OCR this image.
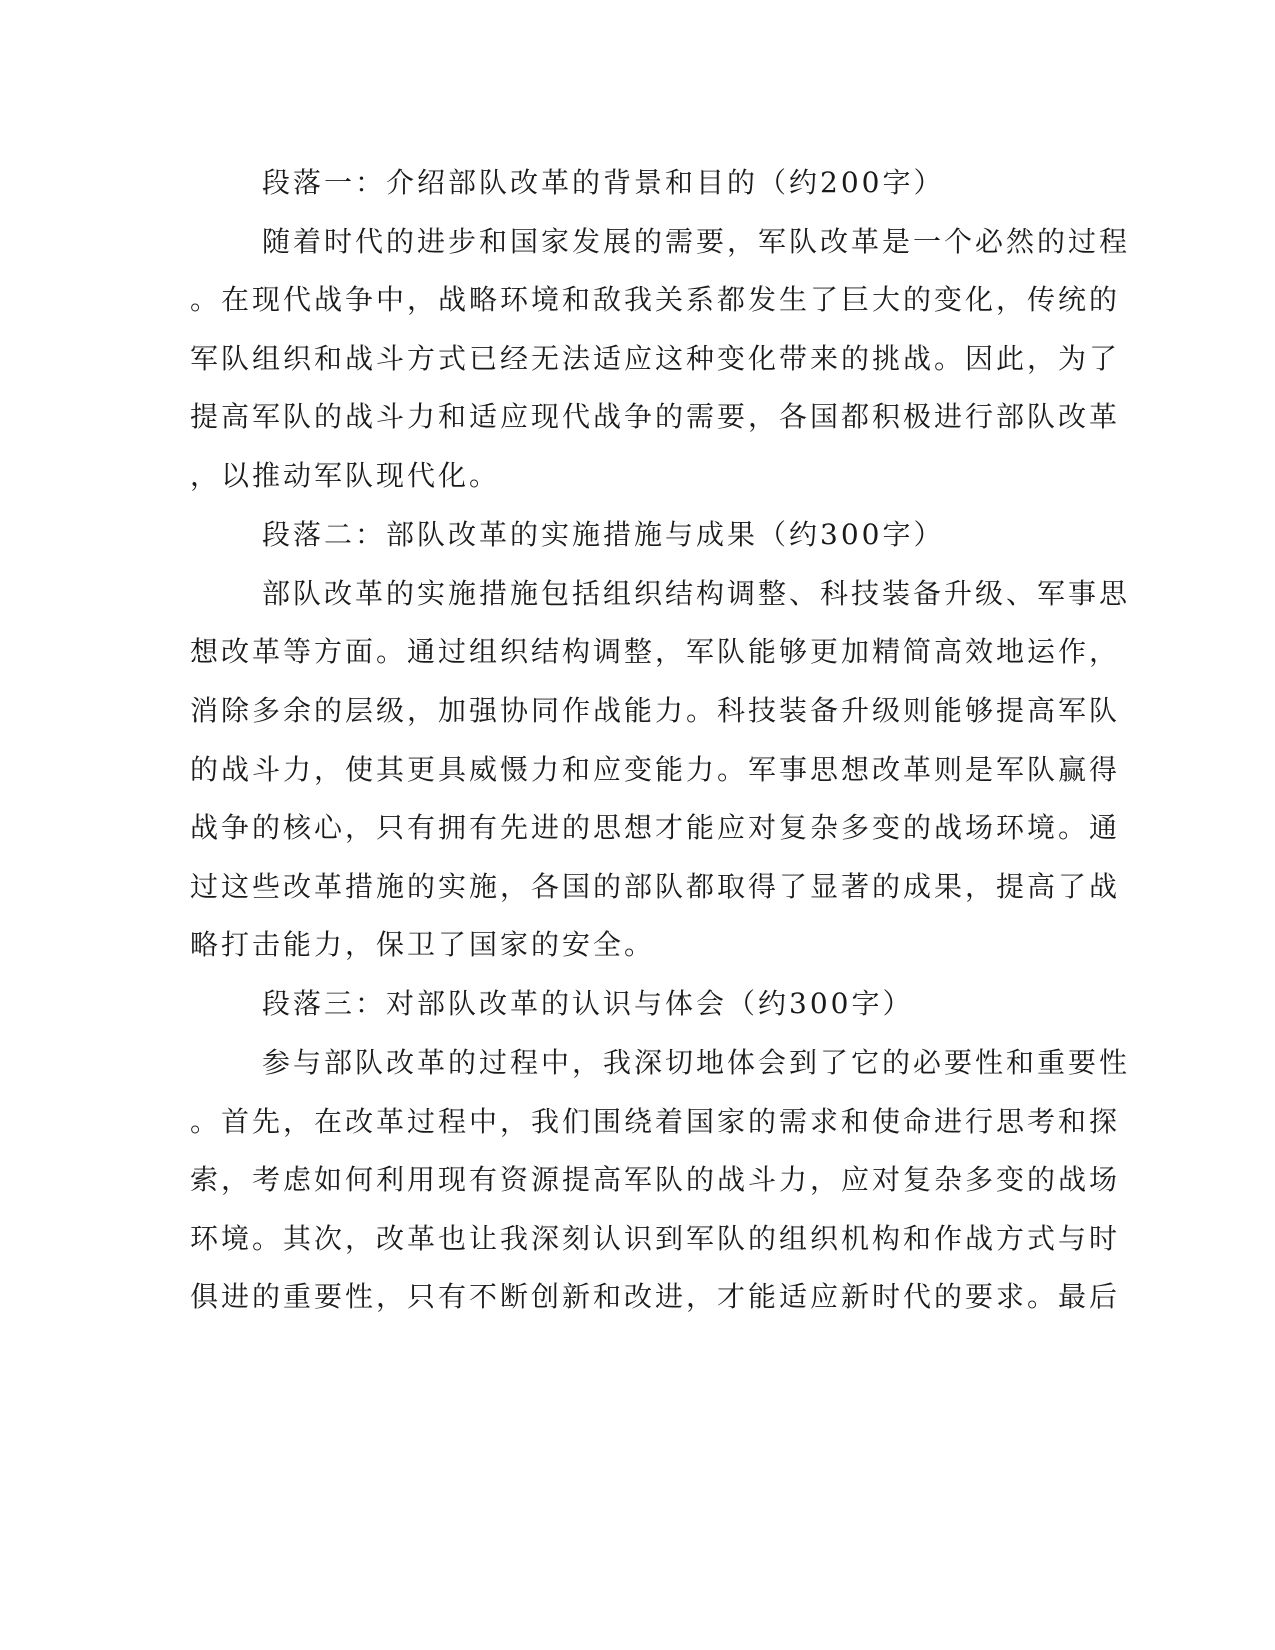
段落一：介绍部队改革的背景和目的（约200字）
随着时代的进步和国家发展的需要，军队改革是一个必然的过程
。在现代战争中，战略环境和敌我关系都发生了巨大的变化，传统的
军队组织和战斗方式已经无法适应这种变化带来的挑战。因此，为了
提高军队的战斗力和适应现代战争的需要，各国都积极进行部队改革
，以推动军队现代化。
段落二：部队改革的实施措施与成果（约300字）
部队改革的实施措施包括组织结构调整、科技装备升级、军事思
想改革等方面。通过组织结构调整，军队能够更加精简高效地运作，
消除多余的层级，加强协同作战能力。科技装备升级则能够提高军队
的战斗力，使其更具威慑力和应变能力。军事思想改革则是军队赢得
战争的核心，只有拥有先进的思想才能应对复杂多变的战场环境。通
过这些改革措施的实施，各国的部队都取得了显著的成果，提高了战
略打击能力，保卫了国家的安全。
段落三：对部队改革的认识与体会（约300字）
参与部队改革的过程中，我深切地体会到了它的必要性和重要性
。首先，在改革过程中，我们围绕着国家的需求和使命进行思考和探
索，考虑如何利用现有资源提高军队的战斗力，应对复杂多变的战场
环境。其次，改革也让我深刻认识到军队的组织机构和作战方式与时
俱进的重要性，只有不断创新和改进，才能适应新时代的要求。最后
